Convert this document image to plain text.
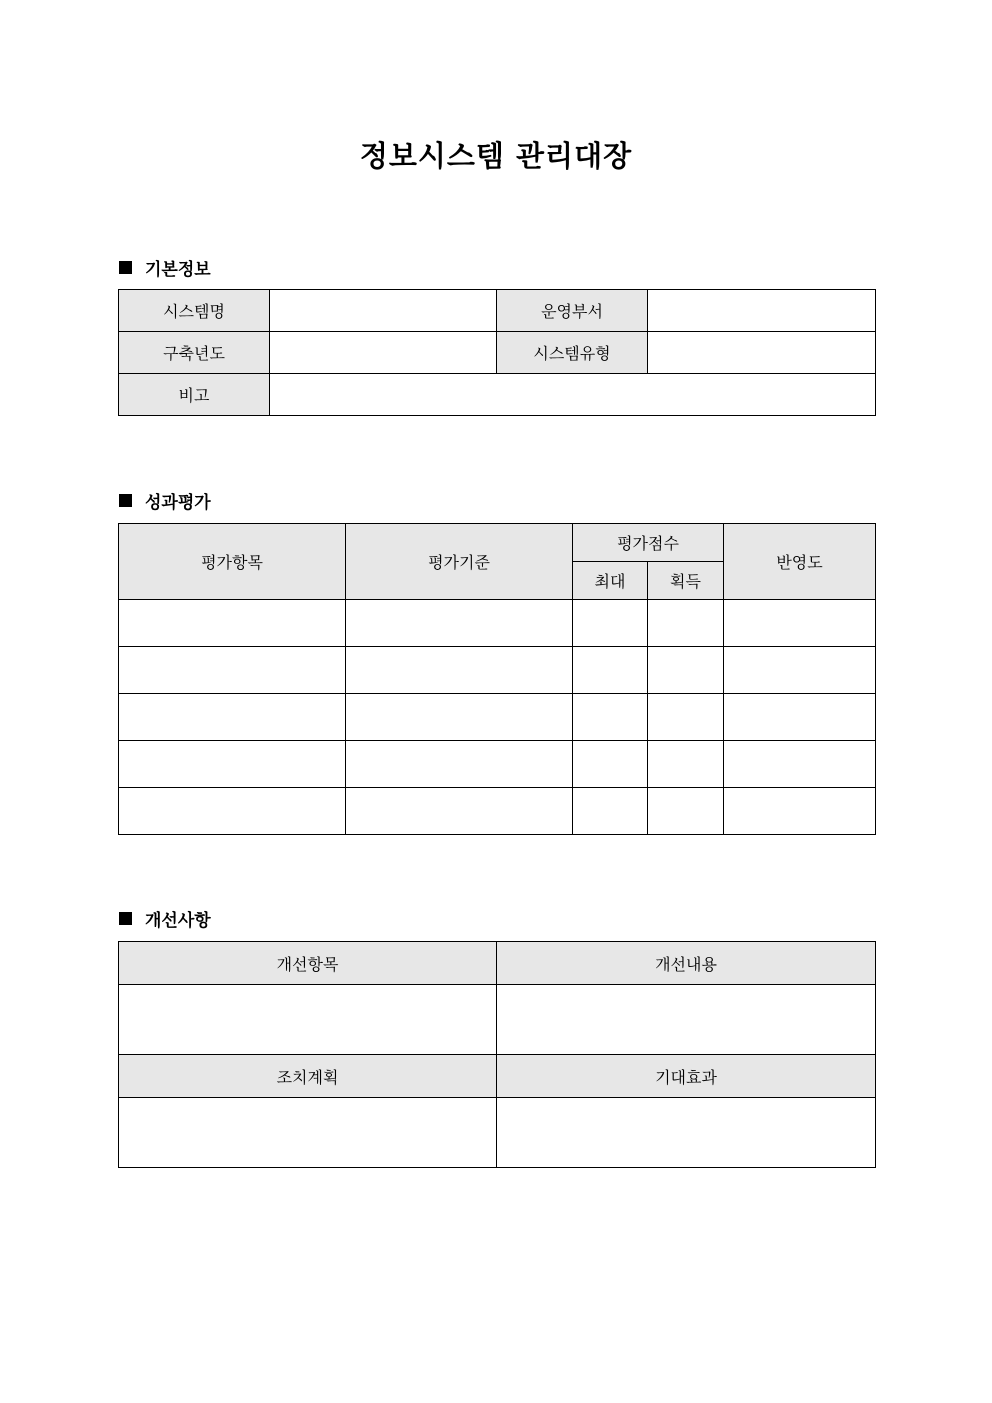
정보시스템 관리대장
기본정보
시스템명		운영부서	
구축년도		시스템유형	
비고			
성과평가
평가항목	평가기준	평가점수		반영도
		최대	획득	

개선사항
개선항목	개선내용

조치계획	기대효과
